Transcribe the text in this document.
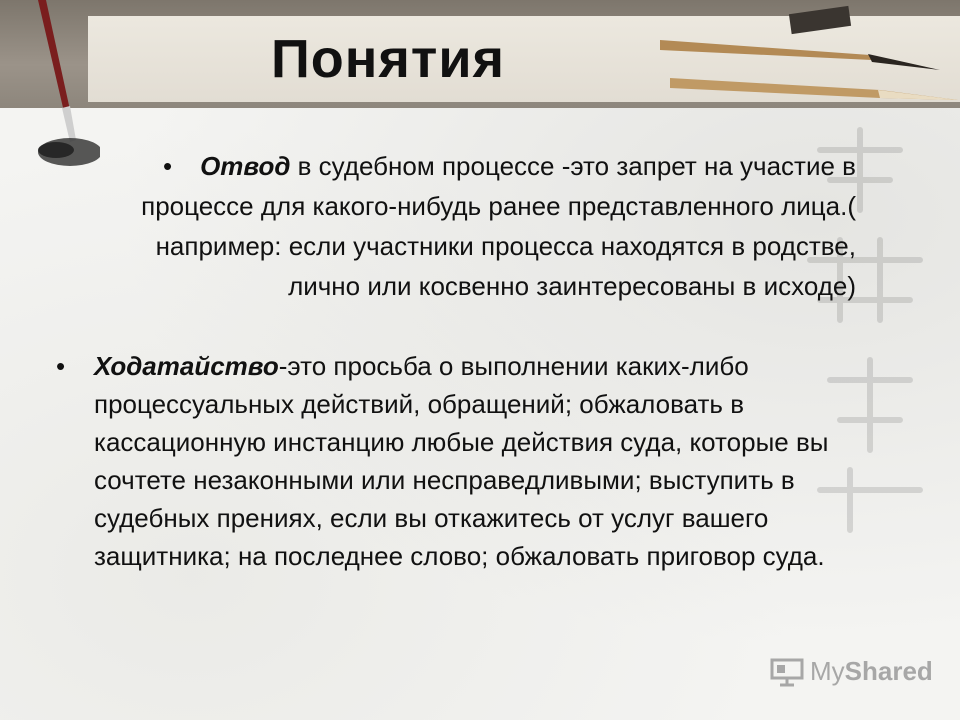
Понятия
•	Отвод в судебном процессе -это запрет на участие в процессе для какого-нибудь ранее представленного лица.( например: если участники процесса находятся в родстве, лично или косвенно заинтересованы в исходе)
• Ходатайство-это просьба о выполнении каких-либо процессуальных действий, обращений; обжаловать в кассационную инстанцию любые действия суда, которые вы сочтете незаконными или несправедливыми; выступить в судебных прениях, если вы откажитесь от услуг вашего защитника; на последнее слово; обжаловать приговор суда.
MyShared
